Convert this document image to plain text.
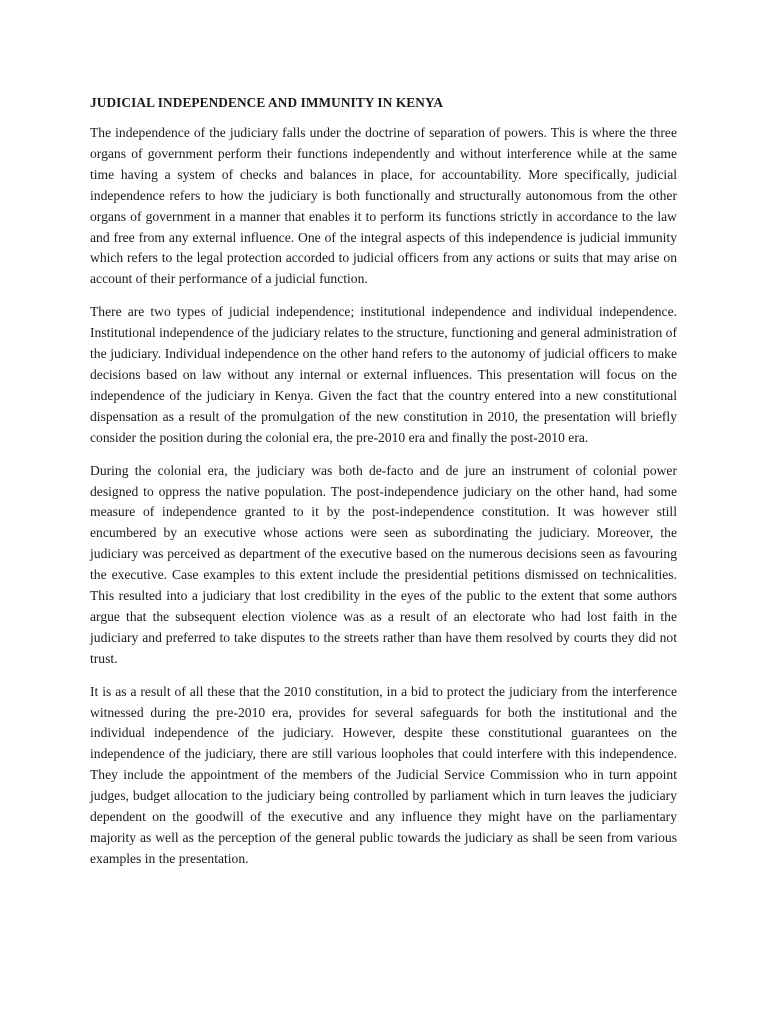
JUDICIAL INDEPENDENCE AND IMMUNITY IN KENYA

The independence of the judiciary falls under the doctrine of separation of powers. This is where the three organs of government perform their functions independently and without interference while at the same time having a system of checks and balances in place, for accountability. More specifically, judicial independence refers to how the judiciary is both functionally and structurally autonomous from the other organs of government in a manner that enables it to perform its functions strictly in accordance to the law and free from any external influence. One of the integral aspects of this independence is judicial immunity which refers to the legal protection accorded to judicial officers from any actions or suits that may arise on account of their performance of a judicial function.

There are two types of judicial independence; institutional independence and individual independence. Institutional independence of the judiciary relates to the structure, functioning and general administration of the judiciary. Individual independence on the other hand refers to the autonomy of judicial officers to make decisions based on law without any internal or external influences. This presentation will focus on the independence of the judiciary in Kenya. Given the fact that the country entered into a new constitutional dispensation as a result of the promulgation of the new constitution in 2010, the presentation will briefly consider the position during the colonial era, the pre-2010 era and finally the post-2010 era.

During the colonial era, the judiciary was both de-facto and de jure an instrument of colonial power designed to oppress the native population. The post-independence judiciary on the other hand, had some measure of independence granted to it by the post-independence constitution. It was however still encumbered by an executive whose actions were seen as subordinating the judiciary. Moreover, the judiciary was perceived as department of the executive based on the numerous decisions seen as favouring the executive. Case examples to this extent include the presidential petitions dismissed on technicalities. This resulted into a judiciary that lost credibility in the eyes of the public to the extent that some authors argue that the subsequent election violence was as a result of an electorate who had lost faith in the judiciary and preferred to take disputes to the streets rather than have them resolved by courts they did not trust.

It is as a result of all these that the 2010 constitution, in a bid to protect the judiciary from the interference witnessed during the pre-2010 era, provides for several safeguards for both the institutional and the individual independence of the judiciary. However, despite these constitutional guarantees on the independence of the judiciary, there are still various loopholes that could interfere with this independence. They include the appointment of the members of the Judicial Service Commission who in turn appoint judges, budget allocation to the judiciary being controlled by parliament which in turn leaves the judiciary dependent on the goodwill of the executive and any influence they might have on the parliamentary majority as well as the perception of the general public towards the judiciary as shall be seen from various examples in the presentation.
